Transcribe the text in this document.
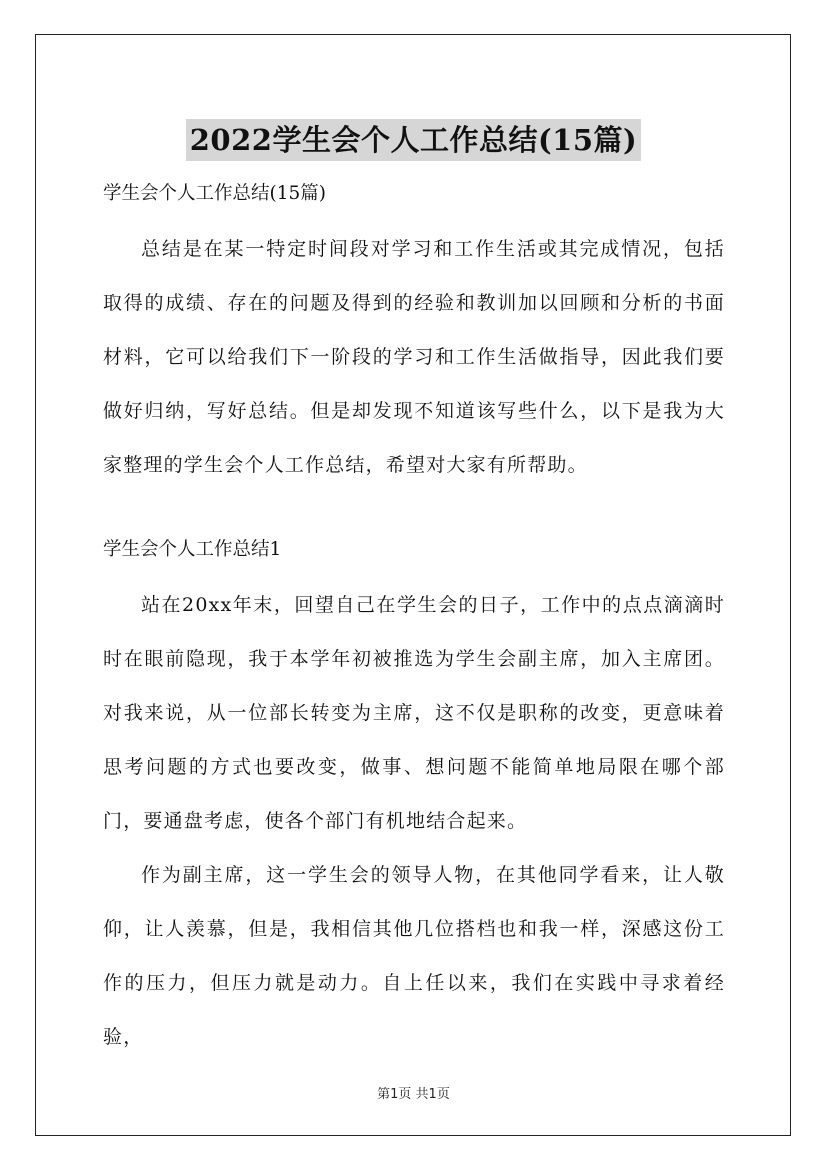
2022学生会个人工作总结(15篇)

学生会个人工作总结(15篇)

总结是在某一特定时间段对学习和工作生活或其完成情况，包括取得的成绩、存在的问题及得到的经验和教训加以回顾和分析的书面材料，它可以给我们下一阶段的学习和工作生活做指导，因此我们要做好归纳，写好总结。但是却发现不知道该写些什么，以下是我为大家整理的学生会个人工作总结，希望对大家有所帮助。

学生会个人工作总结1

站在20xx年末，回望自己在学生会的日子，工作中的点点滴滴时时在眼前隐现，我于本学年初被推选为学生会副主席，加入主席团。对我来说，从一位部长转变为主席，这不仅是职称的改变，更意味着思考问题的方式也要改变，做事、想问题不能简单地局限在哪个部门，要通盘考虑，使各个部门有机地结合起来。

作为副主席，这一学生会的领导人物，在其他同学看来，让人敬仰，让人羡慕，但是，我相信其他几位搭档也和我一样，深感这份工作的压力，但压力就是动力。自上任以来，我们在实践中寻求着经验，

第1页 共1页
